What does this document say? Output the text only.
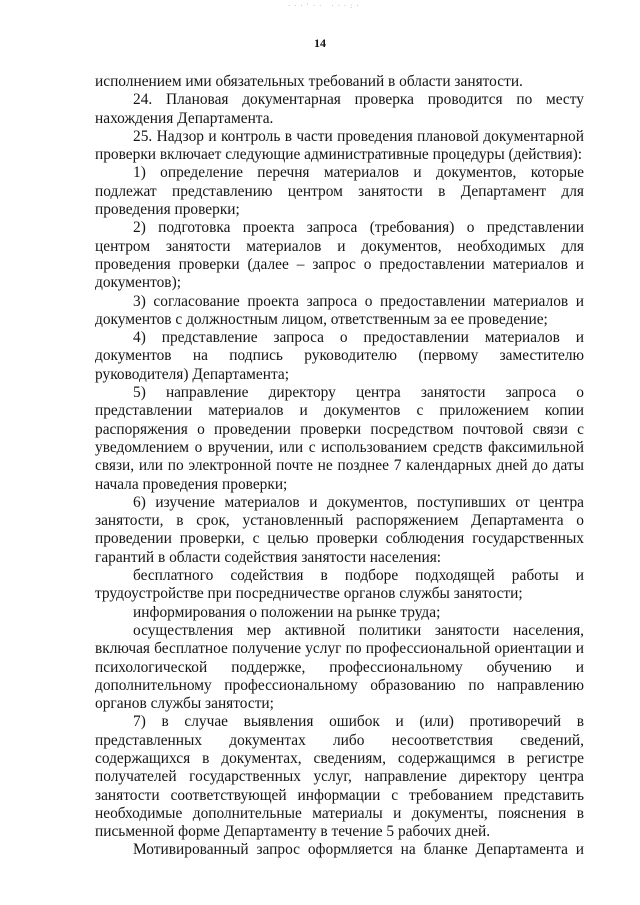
···'·· ···:·
14

исполнением ими обязательных требований в области занятости.

24. Плановая документарная проверка проводится по месту нахождения Департамента.

25. Надзор и контроль в части проведения плановой документарной проверки включает следующие административные процедуры (действия):

1) определение перечня материалов и документов, которые подлежат представлению центром занятости в Департамент для проведения проверки;

2) подготовка проекта запроса (требования) о представлении центром занятости материалов и документов, необходимых для проведения проверки (далее – запрос о предоставлении материалов и документов);

3) согласование проекта запроса о предоставлении материалов и документов с должностным лицом, ответственным за ее проведение;

4) представление запроса о предоставлении материалов и документов на подпись руководителю (первому заместителю руководителя) Департамента;

5) направление директору центра занятости запроса о представлении материалов и документов с приложением копии распоряжения о проведении проверки посредством почтовой связи с уведомлением о вручении, или с использованием средств факсимильной связи, или по электронной почте не позднее 7 календарных дней до даты начала проведения проверки;

6) изучение материалов и документов, поступивших от центра занятости, в срок, установленный распоряжением Департамента о проведении проверки, с целью проверки соблюдения государственных гарантий в области содействия занятости населения:

бесплатного содействия в подборе подходящей работы и трудоустройстве при посредничестве органов службы занятости;

информирования о положении на рынке труда;

осуществления мер активной политики занятости населения, включая бесплатное получение услуг по профессиональной ориентации и психологической поддержке, профессиональному обучению и дополнительному профессиональному образованию по направлению органов службы занятости;

7) в случае выявления ошибок и (или) противоречий в представленных документах либо несоответствия сведений, содержащихся в документах, сведениям, содержащимся в регистре получателей государственных услуг, направление директору центра занятости соответствующей информации с требованием представить необходимые дополнительные материалы и документы, пояснения в письменной форме Департаменту в течение 5 рабочих дней.

Мотивированный запрос оформляется на бланке Департамента и
